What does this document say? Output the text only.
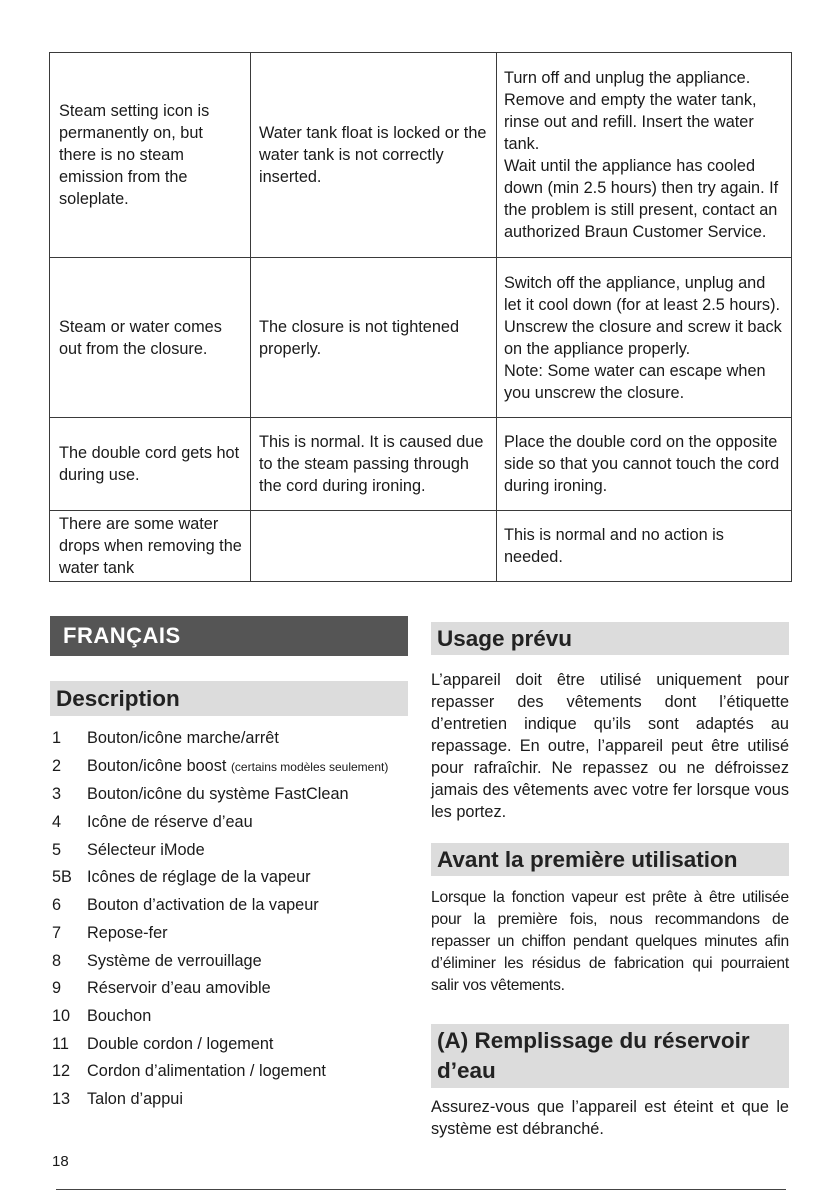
Steam setting icon is permanently on, but there is no steam emission from the soleplate.	Water tank float is locked or the water tank is not correctly inserted.	Turn off and unplug the appliance. Remove and empty the water tank, rinse out and refill. Insert the water tank.
Wait until the appliance has cooled down (min 2.5 hours) then try again. If the problem is still present, contact an authorized Braun Customer Service.

Steam or water comes out from the closure.	The closure is not tightened properly.	Switch off the appliance, unplug and let it cool down (for at least 2.5 hours).
Unscrew the closure and screw it back on the appliance properly.
Note: Some water can escape when you unscrew the closure.

The double cord gets hot during use.	This is normal. It is caused due to the steam passing through the cord during ironing.	Place the double cord on the opposite side so that you cannot touch the cord during ironing.

There are some water drops when removing the water tank		This is normal and no action is needed.
FRANÇAIS
Description
1	Bouton/icône marche/arrêt
2	Bouton/icône boost (certains modèles seulement)
3	Bouton/icône du système FastClean
4	Icône de réserve d’eau
5	Sélecteur iMode
5B Icônes de réglage de la vapeur
6	Bouton d’activation de la vapeur
7	Repose-fer
8	Système de verrouillage
9	Réservoir d’eau amovible
10	Bouchon
11	Double cordon / logement
12	Cordon d’alimentation / logement
13	Talon d’appui
Usage prévu

L’appareil doit être utilisé uniquement pour repasser des vêtements dont l’étiquette d’entretien indique qu’ils sont adaptés au repassage. En outre, l’appareil peut être utilisé pour rafraîchir. Ne repassez ou ne défroissez jamais des vêtements avec votre fer lorsque vous les portez.

Avant la première utilisation

Lorsque la fonction vapeur est prête à être utilisée pour la première fois, nous recommandons de repasser un chiffon pendant quelques minutes afin d’éliminer les résidus de fabrication qui pourraient salir vos vêtements.

(A) Remplissage du réservoir d’eau

Assurez-vous que l’appareil est éteint et que le système est débranché.

18
